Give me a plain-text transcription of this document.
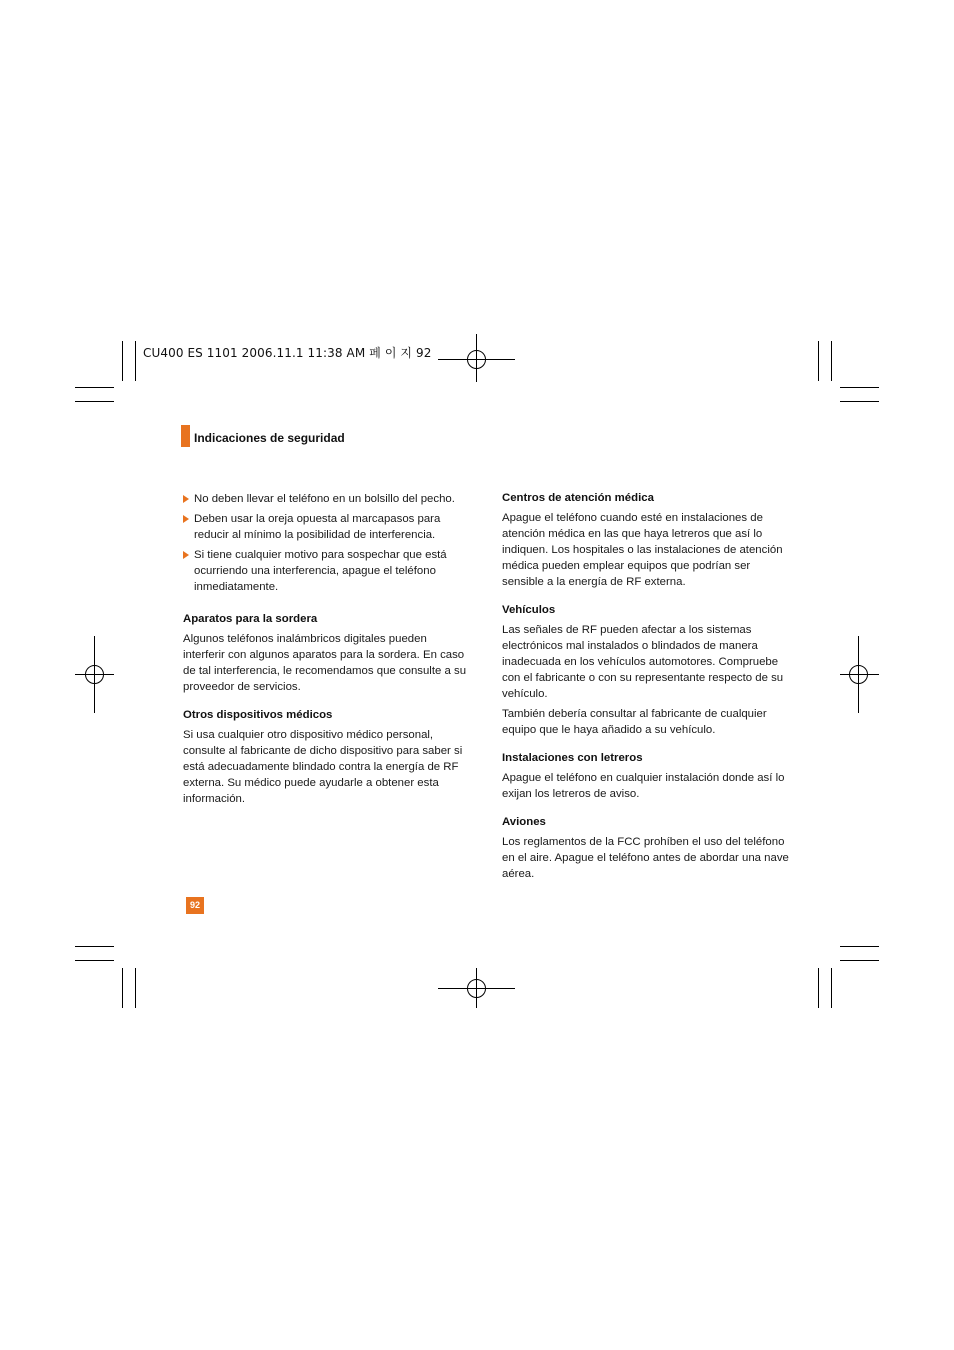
CU400 ES 1101 2006.11.1 11:38 AM 페 이 지 92
Indicaciones de seguridad
No deben llevar el teléfono en un bolsillo del pecho.
Deben usar la oreja opuesta al marcapasos para reducir al mínimo la posibilidad de interferencia.
Si tiene cualquier motivo para sospechar que está ocurriendo una interferencia, apague el teléfono inmediatamente.
Aparatos para la sordera

Algunos teléfonos inalámbricos digitales pueden interferir con algunos aparatos para la sordera. En caso de tal interferencia, le recomendamos que consulte a su proveedor de servicios.

Otros dispositivos médicos

Si usa cualquier otro dispositivo médico personal, consulte al fabricante de dicho dispositivo para saber si está adecuadamente blindado contra la energía de RF externa. Su médico puede ayudarle a obtener esta información.

Centros de atención médica

Apague el teléfono cuando esté en instalaciones de atención médica en las que haya letreros que así lo indiquen. Los hospitales o las instalaciones de atención médica pueden emplear equipos que podrían ser sensible a la energía de RF externa.

Vehículos

Las señales de RF pueden afectar a los sistemas electrónicos mal instalados o blindados de manera inadecuada en los vehículos automotores. Compruebe con el fabricante o con su representante respecto de su vehículo.

También debería consultar al fabricante de cualquier equipo que le haya añadido a su vehículo.

Instalaciones con letreros

Apague el teléfono en cualquier instalación donde así lo exijan los letreros de aviso.

Aviones

Los reglamentos de la FCC prohíben el uso del teléfono en el aire. Apague el teléfono antes de abordar una nave aérea.

92
